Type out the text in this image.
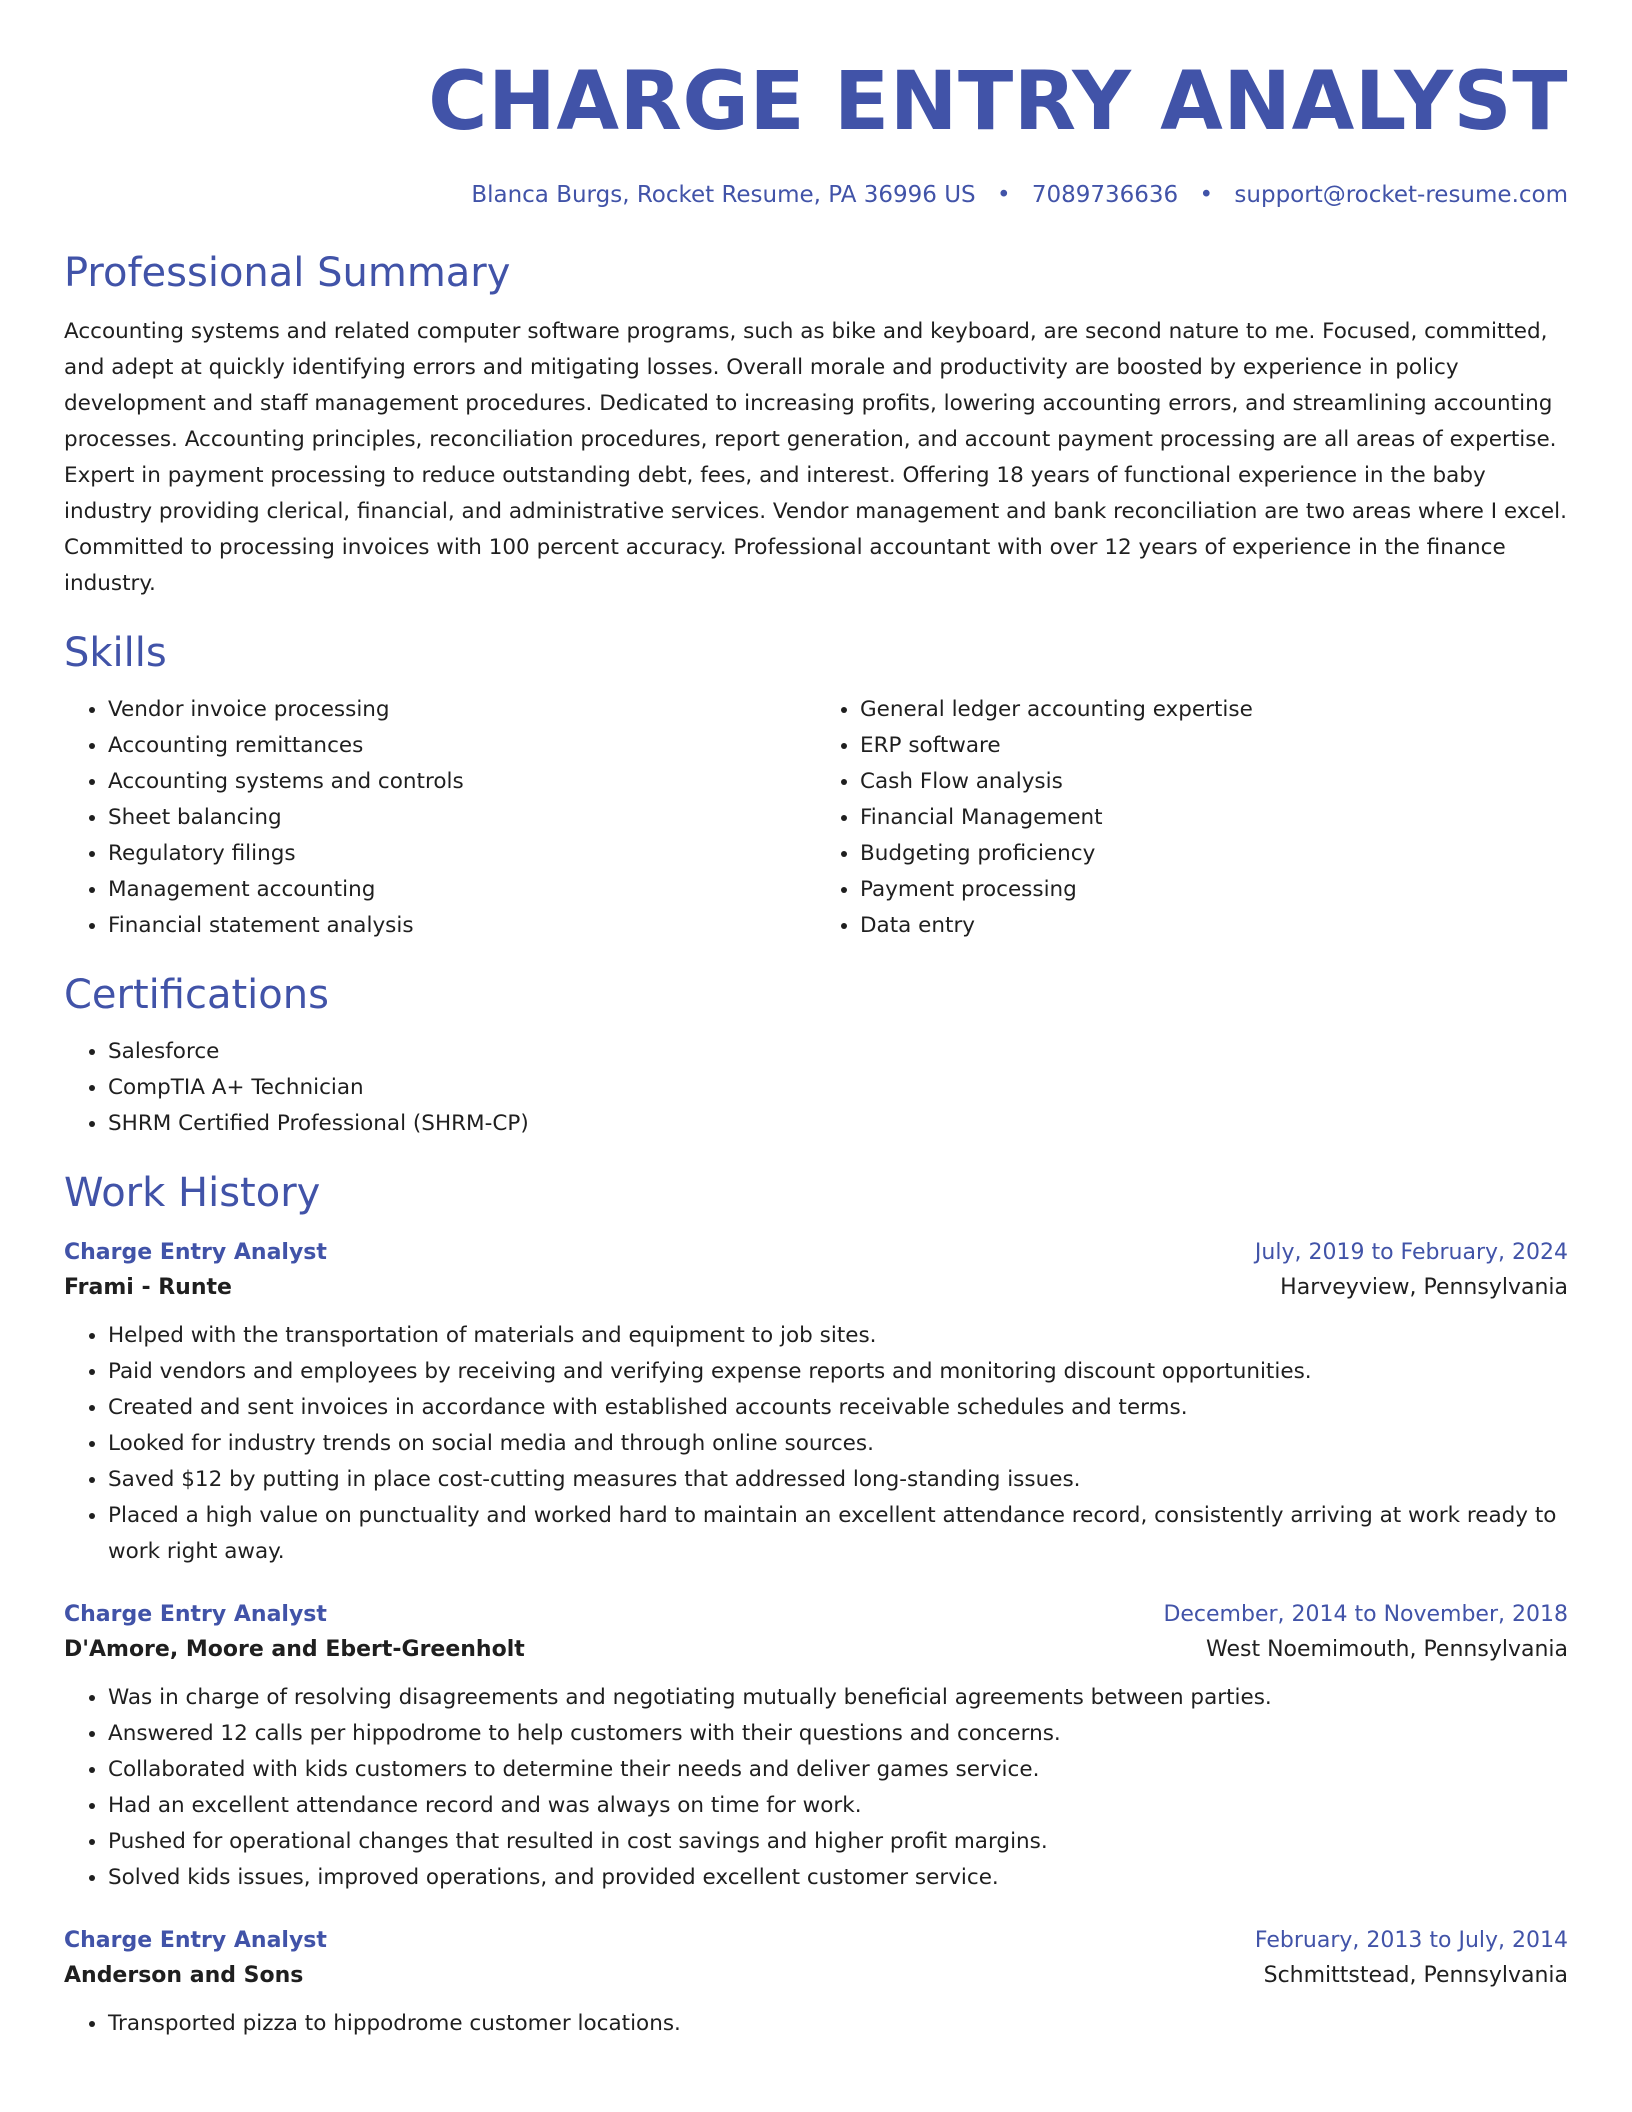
CHARGE ENTRY ANALYST
Blanca Burgs, Rocket Resume, PA 36996 US • 7089736636 • support@rocket-resume.com
Professional Summary
Accounting systems and related computer software programs, such as bike and keyboard, are second nature to me. Focused, committed, and adept at quickly identifying errors and mitigating losses. Overall morale and productivity are boosted by experience in policy development and staff management procedures. Dedicated to increasing profits, lowering accounting errors, and streamlining accounting processes. Accounting principles, reconciliation procedures, report generation, and account payment processing are all areas of expertise. Expert in payment processing to reduce outstanding debt, fees, and interest. Offering 18 years of functional experience in the baby industry providing clerical, financial, and administrative services. Vendor management and bank reconciliation are two areas where I excel. Committed to processing invoices with 100 percent accuracy. Professional accountant with over 12 years of experience in the finance industry.
Skills
• Vendor invoice processing
• Accounting remittances
• Accounting systems and controls
• Sheet balancing
• Regulatory filings
• Management accounting
• Financial statement analysis
• General ledger accounting expertise
• ERP software
• Cash Flow analysis
• Financial Management
• Budgeting proficiency
• Payment processing
• Data entry
Certifications
• Salesforce
• CompTIA A+ Technician
• SHRM Certified Professional (SHRM-CP)
Work History
Charge Entry Analyst	July, 2019 to February, 2024
Frami - Runte	Harveyview, Pennsylvania
• Helped with the transportation of materials and equipment to job sites.
• Paid vendors and employees by receiving and verifying expense reports and monitoring discount opportunities.
• Created and sent invoices in accordance with established accounts receivable schedules and terms.
• Looked for industry trends on social media and through online sources.
• Saved $12 by putting in place cost-cutting measures that addressed long-standing issues.
• Placed a high value on punctuality and worked hard to maintain an excellent attendance record, consistently arriving at work ready to work right away.
Charge Entry Analyst	December, 2014 to November, 2018
D'Amore, Moore and Ebert-Greenholt	West Noemimouth, Pennsylvania
• Was in charge of resolving disagreements and negotiating mutually beneficial agreements between parties.
• Answered 12 calls per hippodrome to help customers with their questions and concerns.
• Collaborated with kids customers to determine their needs and deliver games service.
• Had an excellent attendance record and was always on time for work.
• Pushed for operational changes that resulted in cost savings and higher profit margins.
• Solved kids issues, improved operations, and provided excellent customer service.
Charge Entry Analyst	February, 2013 to July, 2014
Anderson and Sons	Schmittstead, Pennsylvania
• Transported pizza to hippodrome customer locations.
